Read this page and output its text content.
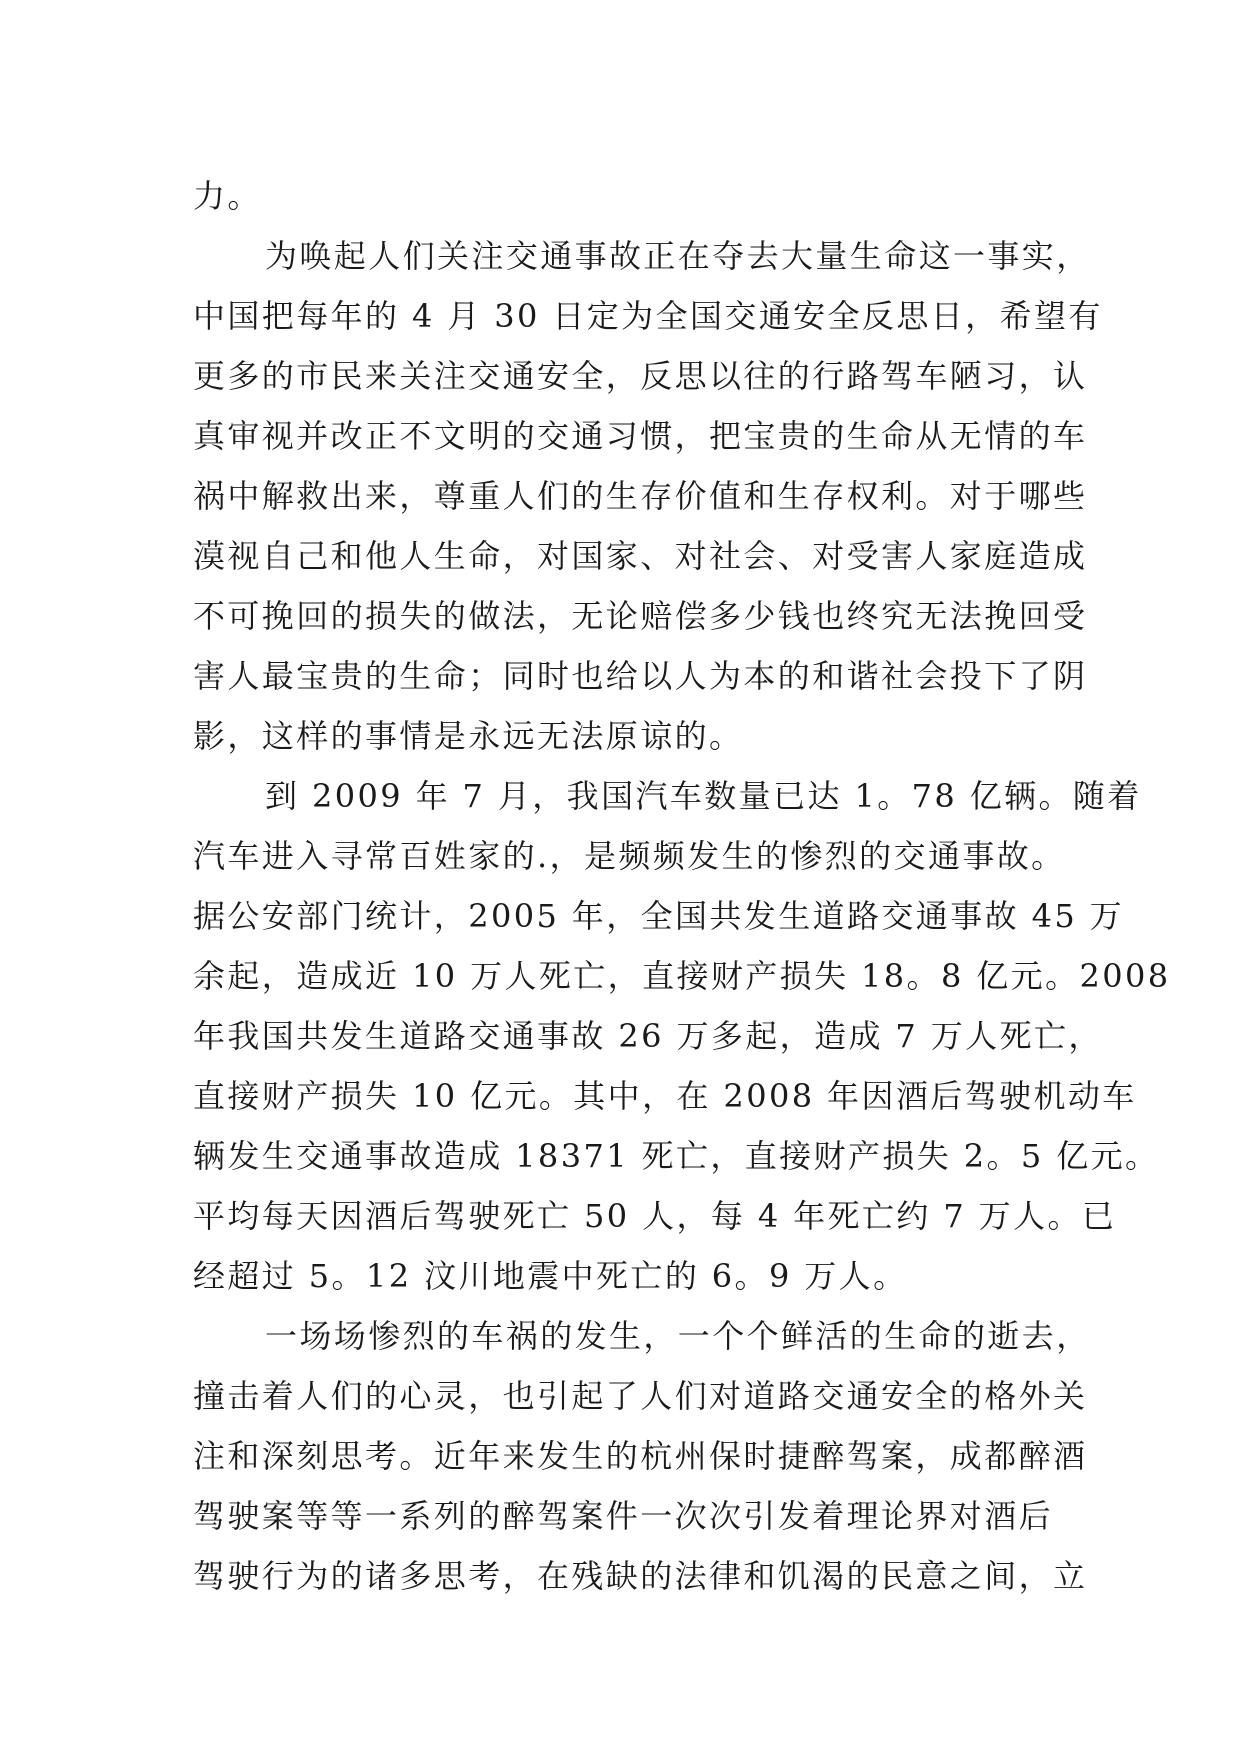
力。
为唤起人们关注交通事故正在夺去大量生命这一事实，
中国把每年的 4 月 30 日定为全国交通安全反思日，希望有
更多的市民来关注交通安全，反思以往的行路驾车陋习，认
真审视并改正不文明的交通习惯，把宝贵的生命从无情的车
祸中解救出来，尊重人们的生存价值和生存权利。对于哪些
漠视自己和他人生命，对国家、对社会、对受害人家庭造成
不可挽回的损失的做法，无论赔偿多少钱也终究无法挽回受
害人最宝贵的生命；同时也给以人为本的和谐社会投下了阴
影，这样的事情是永远无法原谅的。
到 2009 年 7 月，我国汽车数量已达 1。78 亿辆。随着
汽车进入寻常百姓家的.，是频频发生的惨烈的交通事故。
据公安部门统计，2005 年，全国共发生道路交通事故 45 万
余起，造成近 10 万人死亡，直接财产损失 18。8 亿元。2008
年我国共发生道路交通事故 26 万多起，造成 7 万人死亡，
直接财产损失 10 亿元。其中，在 2008 年因酒后驾驶机动车
辆发生交通事故造成 18371 死亡，直接财产损失 2。5 亿元。
平均每天因酒后驾驶死亡 50 人，每 4 年死亡约 7 万人。已
经超过 5。12 汶川地震中死亡的 6。9 万人。
一场场惨烈的车祸的发生，一个个鲜活的生命的逝去，
撞击着人们的心灵，也引起了人们对道路交通安全的格外关
注和深刻思考。近年来发生的杭州保时捷醉驾案，成都醉酒
驾驶案等等一系列的醉驾案件一次次引发着理论界对酒后
驾驶行为的诸多思考，在残缺的法律和饥渴的民意之间，立
